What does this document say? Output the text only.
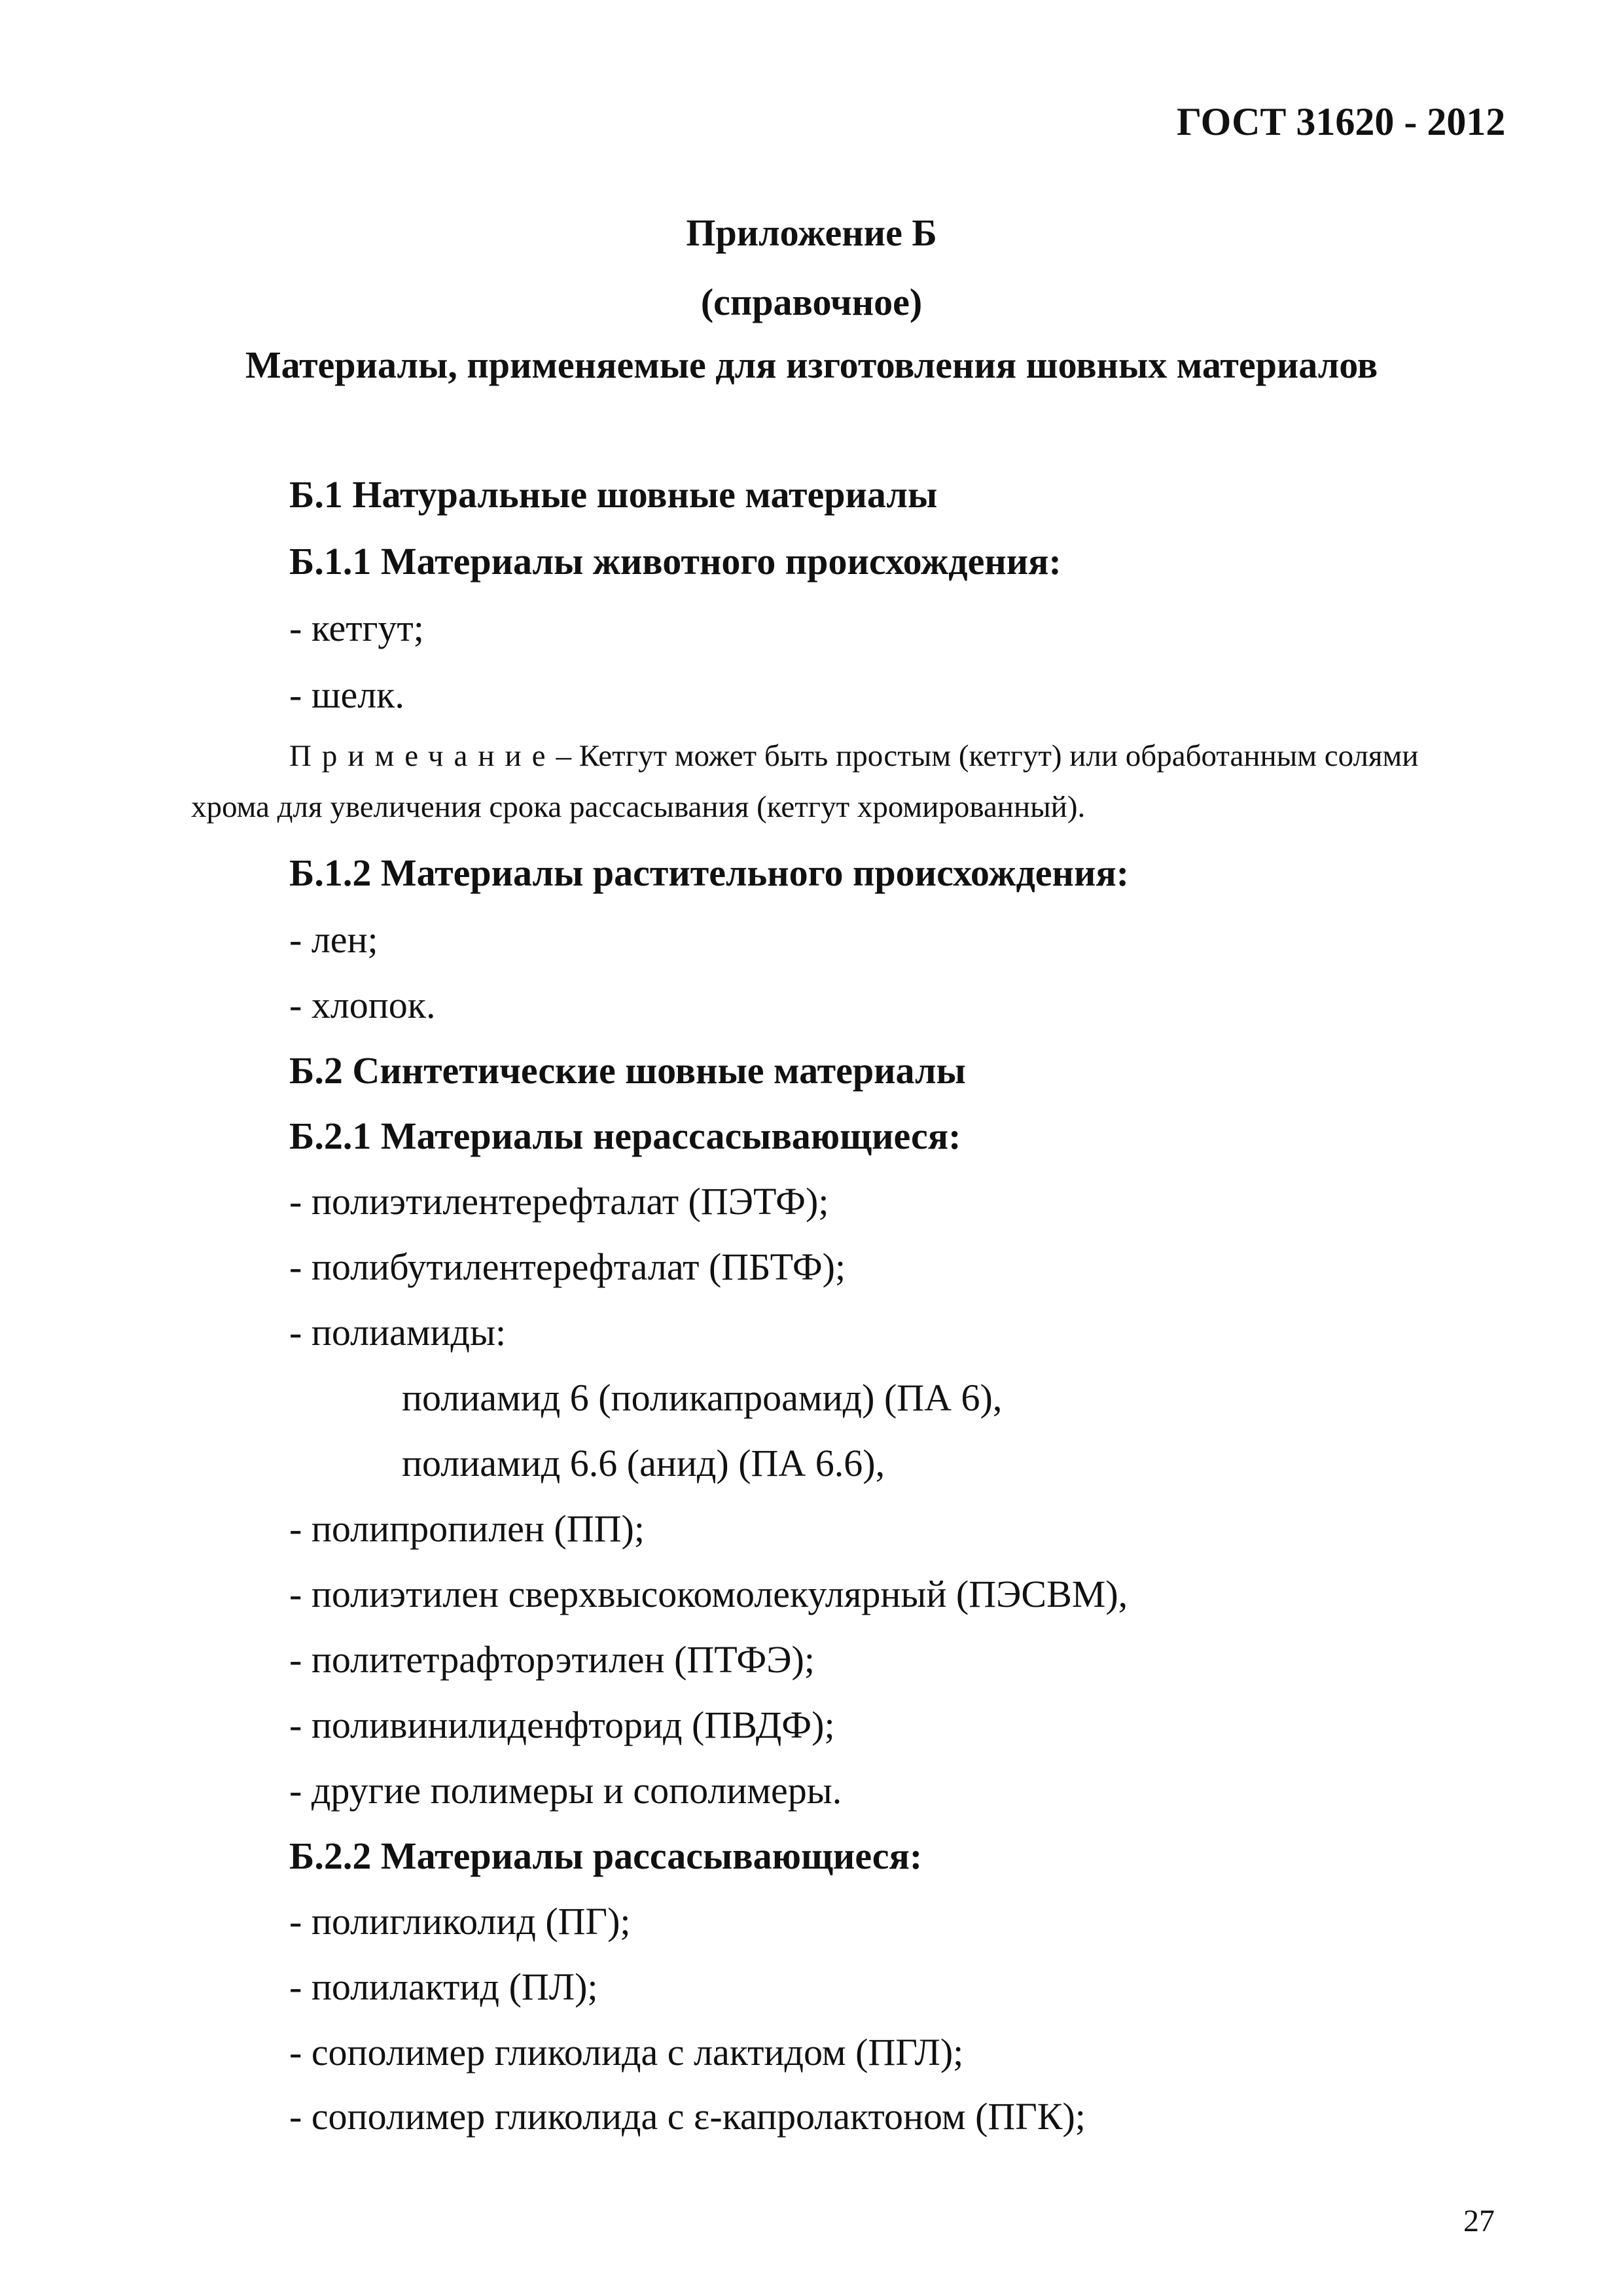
ГОСТ 31620 - 2012
Приложение Б
(справочное)
Материалы, применяемые для изготовления шовных материалов
Б.1 Натуральные шовные материалы
Б.1.1 Материалы животного происхождения:
- кетгут;
- шелк.
Примечание– Кетгут может быть простым (кетгут) или обработанным солями
хрома для увеличения срока рассасывания (кетгут хромированный).
Б.1.2 Материалы растительного происхождения:
- лен;
- хлопок.
Б.2 Синтетические шовные материалы
Б.2.1 Материалы нерассасывающиеся:
- полиэтилентерефталат (ПЭТФ);
- полибутилентерефталат (ПБТФ);
- полиамиды:
полиамид 6 (поликапроамид) (ПА 6),
полиамид 6.6 (анид) (ПА 6.6),
- полипропилен (ПП);
- полиэтилен сверхвысокомолекулярный (ПЭСВМ),
- политетрафторэтилен (ПТФЭ);
- поливинилиденфторид (ПВДФ);
- другие полимеры и сополимеры.
Б.2.2 Материалы рассасывающиеся:
- полигликолид (ПГ);
- полилактид (ПЛ);
- сополимер гликолида с лактидом (ПГЛ);
- сополимер гликолида с ε-капролактоном (ПГК);
27
